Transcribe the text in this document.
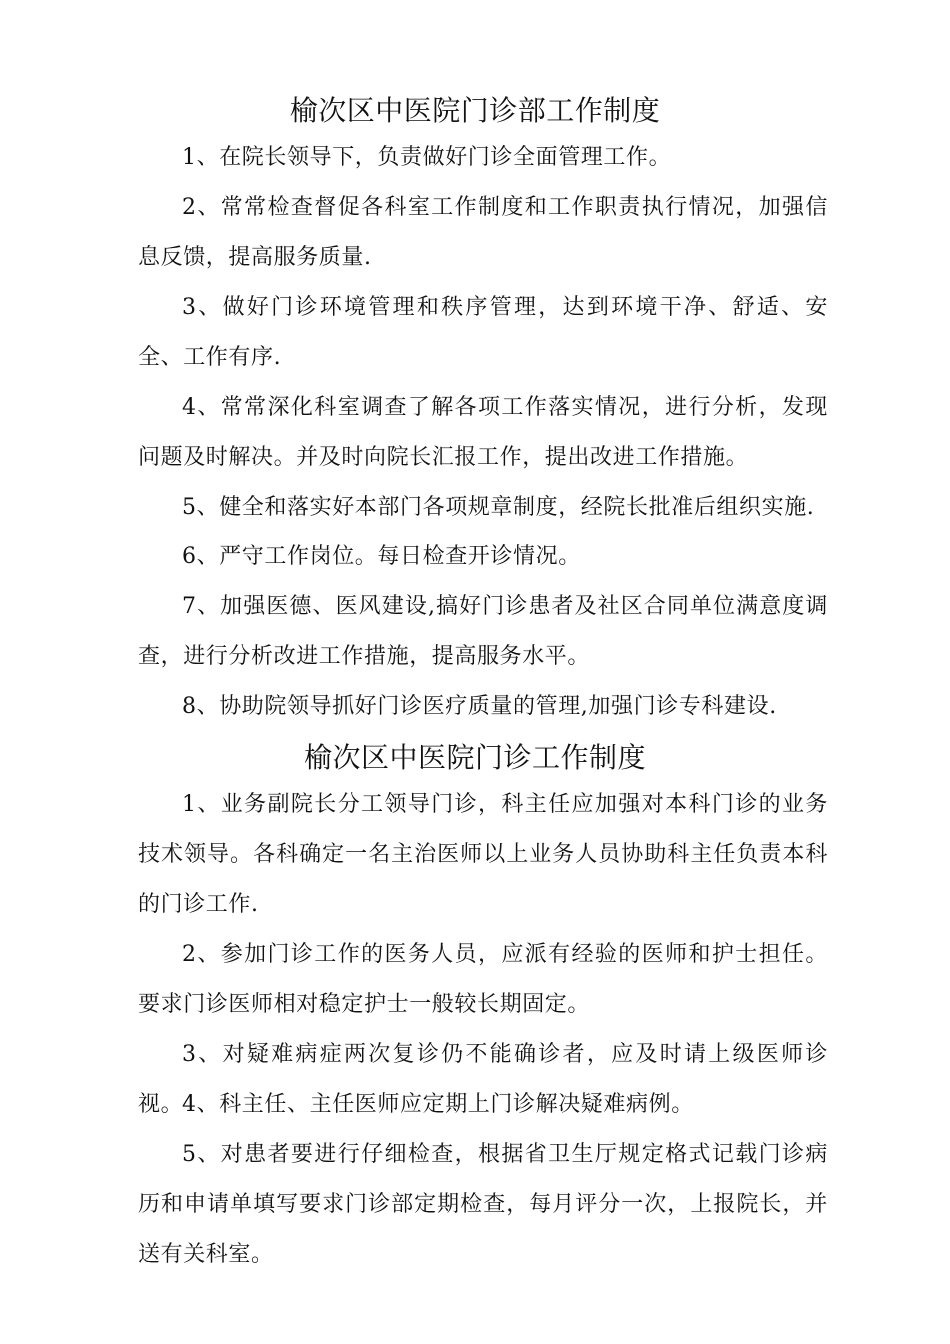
榆次区中医院门诊部工作制度

1、在院长领导下，负责做好门诊全面管理工作。

2、常常检查督促各科室工作制度和工作职责执行情况，加强信息反馈，提高服务质量.

3、做好门诊环境管理和秩序管理，达到环境干净、舒适、安全、工作有序.

4、常常深化科室调查了解各项工作落实情况，进行分析，发现问题及时解决。并及时向院长汇报工作，提出改进工作措施。

5、健全和落实好本部门各项规章制度，经院长批准后组织实施.

6、严守工作岗位。每日检查开诊情况。

7、加强医德、医风建设,搞好门诊患者及社区合同单位满意度调查，进行分析改进工作措施，提高服务水平。

8、协助院领导抓好门诊医疗质量的管理,加强门诊专科建设.

榆次区中医院门诊工作制度

1、业务副院长分工领导门诊，科主任应加强对本科门诊的业务技术领导。各科确定一名主治医师以上业务人员协助科主任负责本科的门诊工作.

2、参加门诊工作的医务人员，应派有经验的医师和护士担任。要求门诊医师相对稳定护士一般较长期固定。

3、对疑难病症两次复诊仍不能确诊者，应及时请上级医师诊视。

4、科主任、主任医师应定期上门诊解决疑难病例。

5、对患者要进行仔细检查，根据省卫生厅规定格式记载门诊病历和申请单填写要求门诊部定期检查，每月评分一次，上报院长，并送有关科室。
